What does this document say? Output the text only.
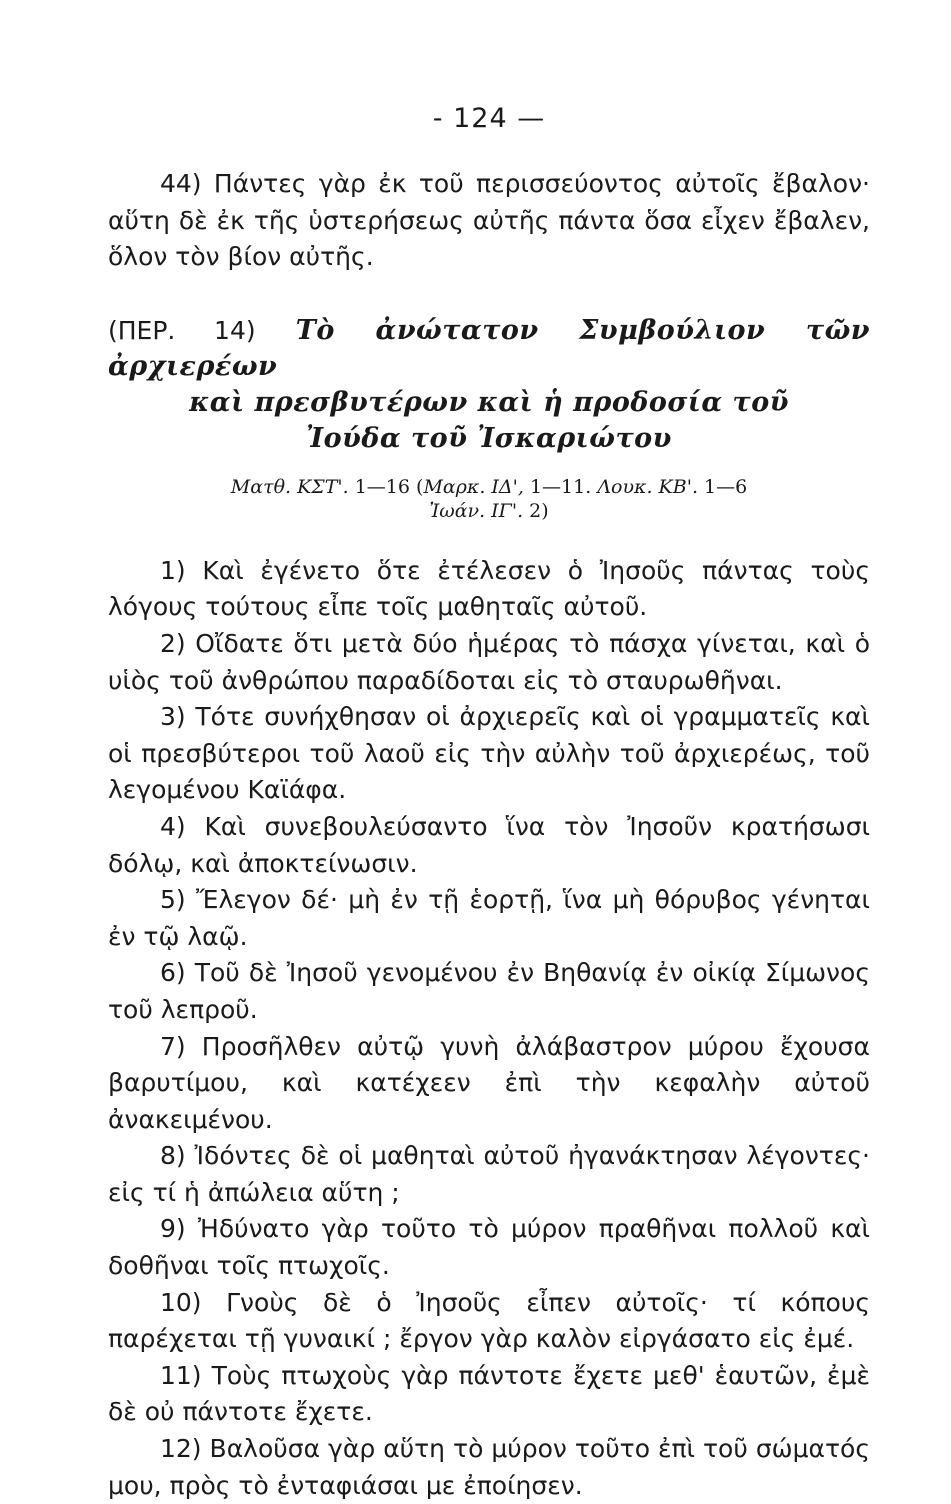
- 124 —

44) Πάντες γὰρ ἐκ τοῦ περισσεύοντος αὐτοῖς ἔβαλον· αὕτη δὲ ἐκ τῆς ὑστερήσεως αὐτῆς πάντα ὅσα εἶχεν ἔβαλεν, ὅλον τὸν βίον αὐτῆς.

(ΠΕΡ. 14) Τὸ ἀνώτατον Συμβούλιον τῶν ἀρχιερέων
καὶ πρεσβυτέρων καὶ ἡ προδοσία τοῦ
Ἰούδα τοῦ Ἰσκαριώτου
Ματθ. ΚΣΤ'. 1—16 (Μαρκ. ΙΔ', 1—11. Λουκ. ΚΒ'. 1—6
Ἰωάν. ΙΓ'. 2)

1) Καὶ ἐγένετο ὅτε ἐτέλεσεν ὁ Ἰησοῦς πάντας τοὺς λόγους τούτους εἶπε τοῖς μαθηταῖς αὐτοῦ.

2) Οἴδατε ὅτι μετὰ δύο ἡμέρας τὸ πάσχα γίνεται, καὶ ὁ υἱὸς τοῦ ἀνθρώπου παραδίδοται εἰς τὸ σταυρωθῆναι.

3) Τότε συνήχθησαν οἱ ἀρχιερεῖς καὶ οἱ γραμματεῖς καὶ οἱ πρεσβύτεροι τοῦ λαοῦ εἰς τὴν αὐλὴν τοῦ ἀρχιερέως, τοῦ λεγομένου Καϊάφα.

4) Καὶ συνεβουλεύσαντο ἵνα τὸν Ἰησοῦν κρατήσωσι δόλῳ, καὶ ἀποκτείνωσιν.

5) Ἔλεγον δέ· μὴ ἐν τῇ ἑορτῇ, ἵνα μὴ θόρυβος γένηται ἐν τῷ λαῷ.

6) Τοῦ δὲ Ἰησοῦ γενομένου ἐν Βηθανίᾳ ἐν οἰκίᾳ Σίμωνος τοῦ λεπροῦ.

7) Προσῆλθεν αὐτῷ γυνὴ ἀλάβαστρον μύρου ἔχουσα βαρυτίμου, καὶ κατέχεεν ἐπὶ τὴν κεφαλὴν αὐτοῦ ἀνακειμένου.

8) Ἰδόντες δὲ οἱ μαθηταὶ αὐτοῦ ἠγανάκτησαν λέγοντες· εἰς τί ἡ ἀπώλεια αὕτη ;

9) Ἠδύνατο γὰρ τοῦτο τὸ μύρον πραθῆναι πολλοῦ καὶ δοθῆναι τοῖς πτωχοῖς.

10) Γνοὺς δὲ ὁ Ἰησοῦς εἶπεν αὐτοῖς· τί κόπους παρέχεται τῇ γυναικί ; ἔργον γὰρ καλὸν εἰργάσατο εἰς ἐμέ.

11) Τοὺς πτωχοὺς γὰρ πάντοτε ἔχετε μεθ' ἑαυτῶν, ἐμὲ δὲ οὐ πάντοτε ἔχετε.

12) Βαλοῦσα γὰρ αὕτη τὸ μύρον τοῦτο ἐπὶ τοῦ σώματός μου, πρὸς τὸ ἐνταφιάσαι με ἐποίησεν.
